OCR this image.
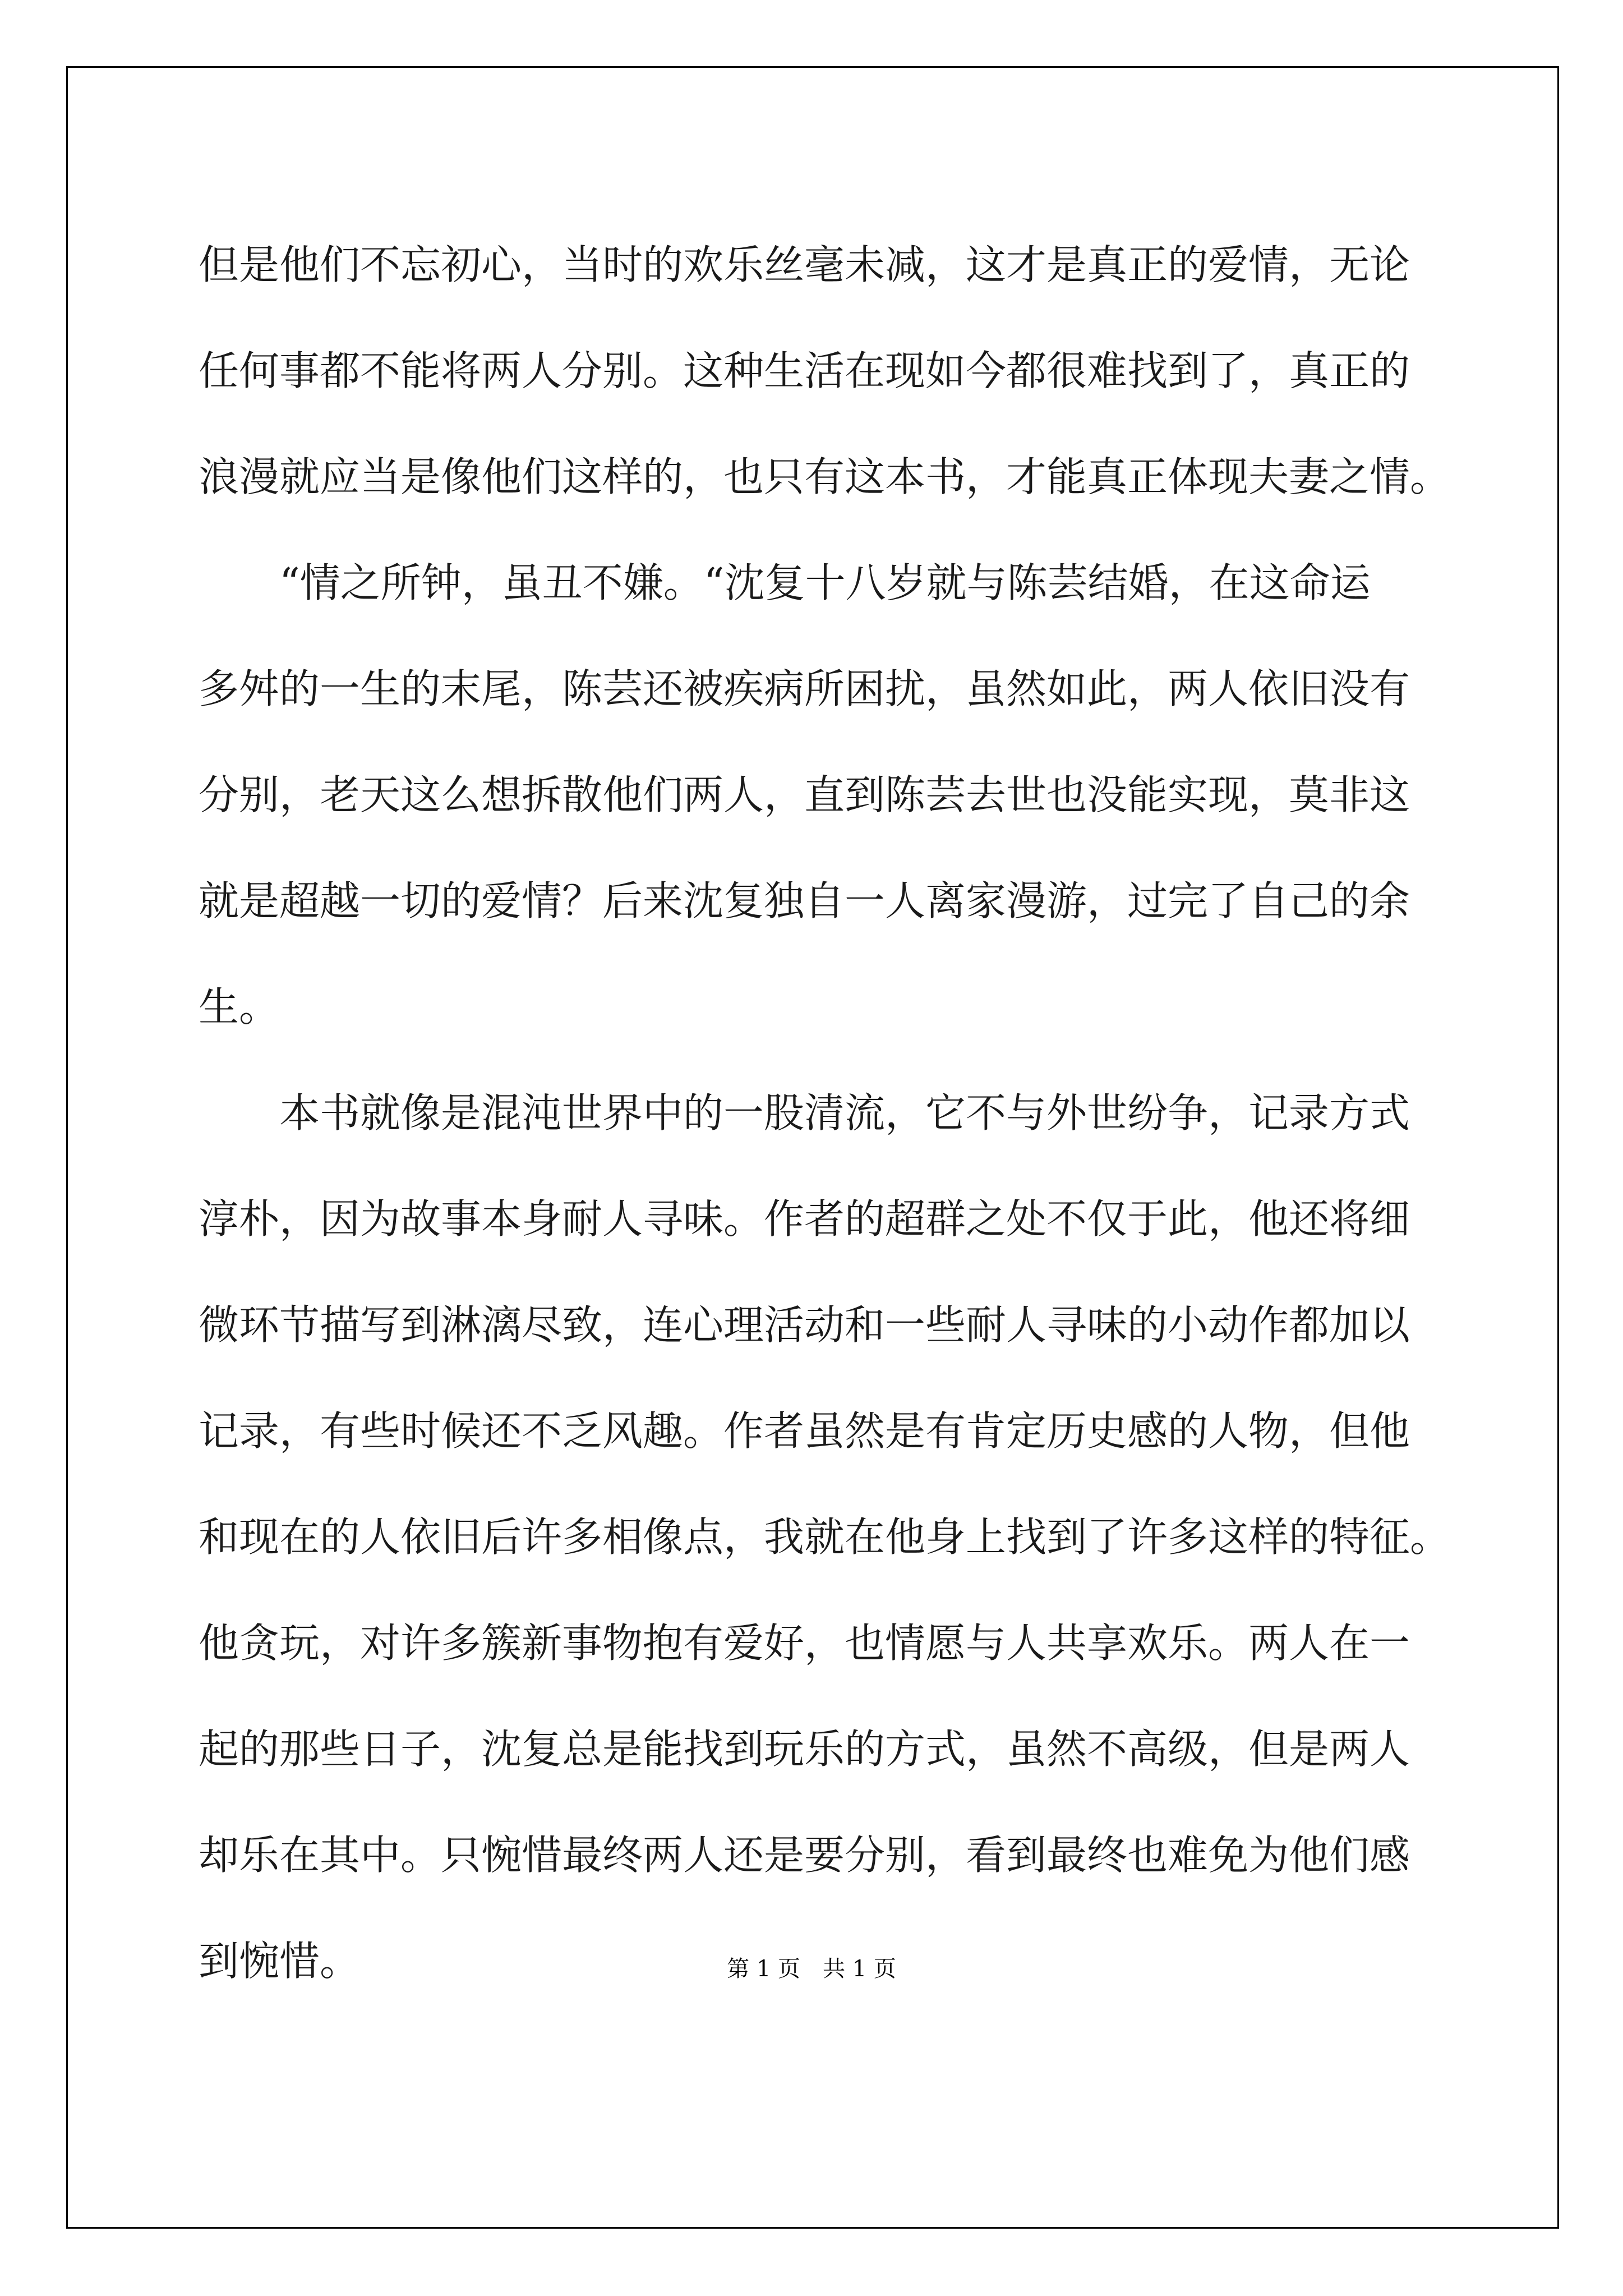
但是他们不忘初心，当时的欢乐丝毫未减，这才是真正的爱情，无论
任何事都不能将两人分别。这种生活在现如今都很难找到了，真正的
浪漫就应当是像他们这样的，也只有这本书，才能真正体现夫妻之情。
“情之所钟，虽丑不嫌。“沈复十八岁就与陈芸结婚，在这命运
多舛的一生的末尾，陈芸还被疾病所困扰，虽然如此，两人依旧没有
分别，老天这么想拆散他们两人，直到陈芸去世也没能实现，莫非这
就是超越一切的爱情？后来沈复独自一人离家漫游，过完了自己的余
生。
本书就像是混沌世界中的一股清流，它不与外世纷争，记录方式
淳朴，因为故事本身耐人寻味。作者的超群之处不仅于此，他还将细
微环节描写到淋漓尽致，连心理活动和一些耐人寻味的小动作都加以
记录，有些时候还不乏风趣。作者虽然是有肯定历史感的人物，但他
和现在的人依旧后许多相像点，我就在他身上找到了许多这样的特征。
他贪玩，对许多簇新事物抱有爱好，也情愿与人共享欢乐。两人在一
起的那些日子，沈复总是能找到玩乐的方式，虽然不高级，但是两人
却乐在其中。只惋惜最终两人还是要分别，看到最终也难免为他们感
到惋惜。	第 1 页　共 1 页
